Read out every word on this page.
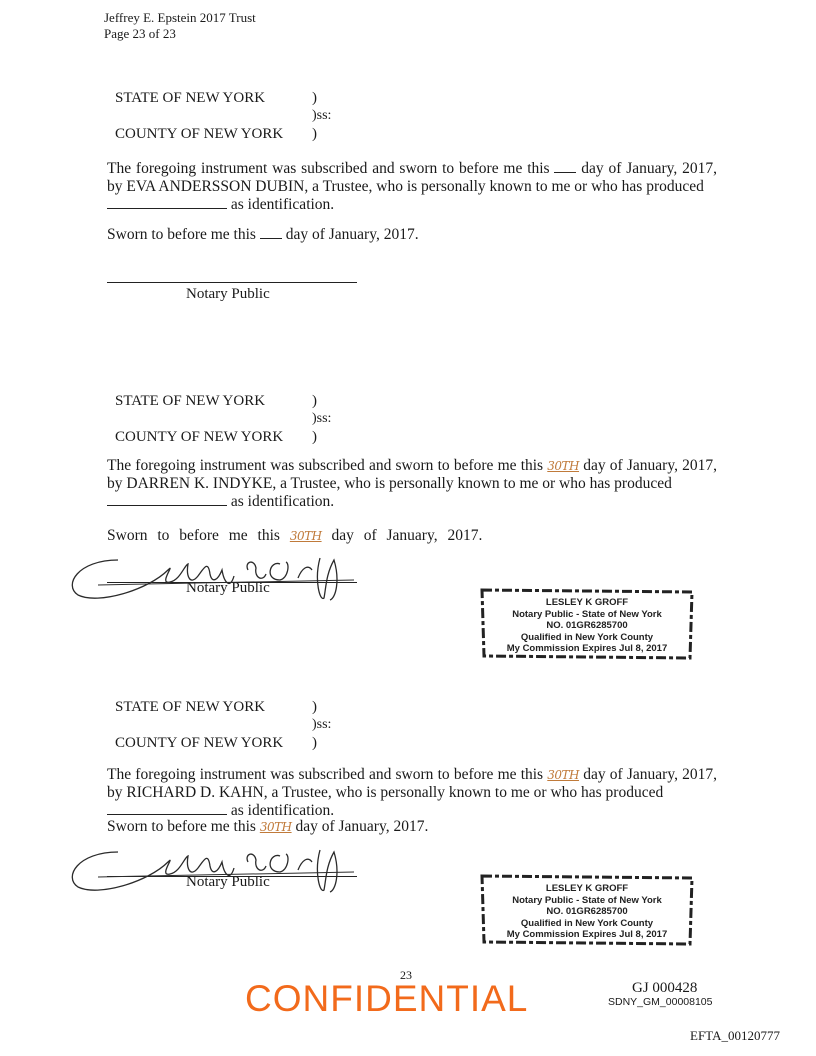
Jeffrey E. Epstein 2017 Trust
Page 23 of 23
STATE OF NEW YORK	)
)ss:
COUNTY OF NEW YORK )

The foregoing instrument was subscribed and sworn to before me this day of January, 2017, by EVA ANDERSSON DUBIN, a Trustee, who is personally known to me or who has produced

as identification.

Sworn to before me this day of January, 2017.
Notary Public
STATE OF NEW YORK	)
)ss:
COUNTY OF NEW YORK )

The foregoing instrument was subscribed and sworn to before me this 30TH day of January, 2017, by DARREN K. INDYKE, a Trustee, who is personally known to me or who has produced

as identification.

Sworn to before me this 30TH day of January, 2017.
Notary Public
LESLEY K GROFF
Notary Public - State of New York
NO. 01GR6285700
Qualified in New York County
My Commission Expires Jul 8, 2017
STATE OF NEW YORK	)
)ss:
COUNTY OF NEW YORK )

The foregoing instrument was subscribed and sworn to before me this 30TH day of January, 2017, by RICHARD D. KAHN, a Trustee, who is personally known to me or who has produced

as identification.

Sworn to before me this 30TH day of January, 2017.
Notary Public	LESLEY K GROFF
Notary Public - State of New York
NO. 01GR6285700
Qualified in New York County
My Commission Expires Jul 8, 2017
23
CONFIDENTIAL	GJ 000428
SDNY_GM_00008105
EFTA_00120777
